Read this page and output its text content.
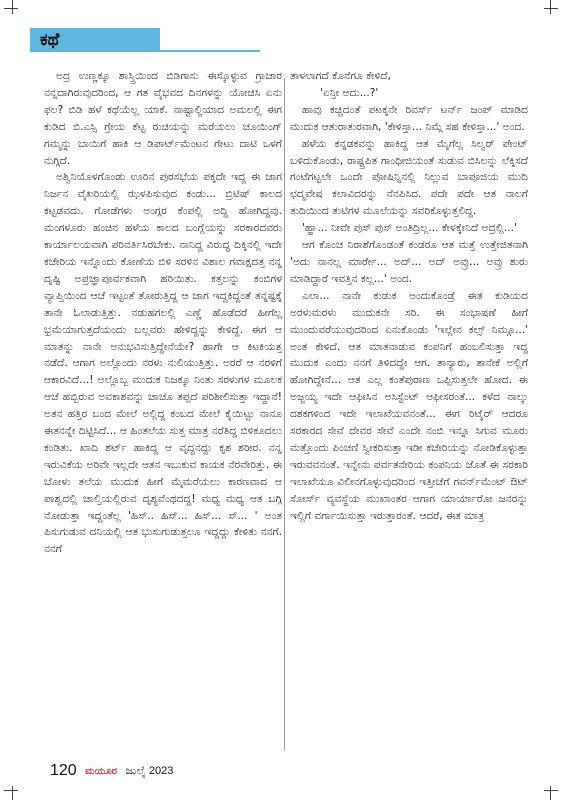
ಕಥೆ

ಅದ್ರ ಉಣ್ಣಕ್ಕೂ ಶಾಸ್ತ್ರಿಯಿಂದ ಬಿಡಿಗಾಸು ಈಸ್ಕೊಳ್ಳುವ ಗ್ರಾಚಾರ ನನ್ನದಾಗಿರುವುದರಿಂದ, ಆ ಗತ ವೈಭವದ ದಿನಗಳನ್ನು ಯೋಚಿಸಿ ಏನು ಫಲ? ಬಿಡಿ ಹಳೆ ಕಥೆಯೆಲ್ಲ ಯಾಕೆ. ನಾಷ್ಟಾಲ್ಜಿಯಾದ ಅಮಲಲ್ಲಿ ಈಗ ಕುಡಿದ ಬಿ.ಎಸ್ಸಿ ಗ್ರೇಯ ಕೆಟ್ಟ ರುಚಿಯನ್ನು ಮರೆಯಲು ಚೂಯಿಂಗ್ ಗಮ್ಮನ್ನು ಬಾಯಿಗೆ ಹಾಕಿ ಆ ಡಿಪಾರ್ಟ್‌ಮೆಂಟನ ಗೇಟು ದಾಟಿ ಒಳಗೆ ನುಗ್ಗಿದೆ.

ಅಶ್ವಿನಿಯೊಳಗೊಂಡು ಊರಿನ ಪುರಸಭೆಯ ಪಕ್ಕದೇ ಇದ್ದ ಈ ಜಾಗ ನಿರ್ಜನ ವೈಖರಿಯಲ್ಲಿ ಝಳಪಿಸುವುದ ಕಂಡು... ಬ್ರಿಟಿಷ್ ಕಾಲದ ಕಟ್ಟಡವದು. ಗೋಡೆಗಳು ಅಂಗ್ಗರ ಕೆಂಪಲ್ಲಿ ಅದ್ದಿ ಹೋಗಿದ್ದವು. ಮಂಗಳೂರು ಹಂಚಿನ ಹಳೆಯ ಕಾಲದ ಬಂಗ್ಲೆಯನ್ನು ಸರಕಾರದವರು ಕಾರ್ಯಾಲಯವಾಗಿ ಪರಿವರ್ತಿಸಿರಬೇಕು. ನಾನಿದ್ದ ವಿರುದ್ಧ ದಿಕ್ಕಿನಲ್ಲಿ ಇದೇ ಕಚೇರಿಯ ಇನ್ನೊಂದು ಕೋಣೆಯ ಬಿಳಿ ಸರಳಿನ ವಿಶಾಲ ಗವಾಕ್ಷದತ್ತ ನನ್ನ ದೃಷ್ಟಿ ಅಪ್ರಜ್ಞಾಪೂರ್ವಕವಾಗಿ ಹರಿಯಿತು. ಕತ್ತಲನ್ನು ಕಂಬಿಗಳ ವ್ಯಾಪ್ತಿಯಿಂದ ಆಚೆ ಇಟ್ಟಂತೆ ತೋರುತ್ತಿದ್ದ ಆ ಜಾಗ ಇದ್ದಕಿದ್ದಂತೆ ತನ್ನಷ್ಟಕ್ಕೆ ತಾನೇ ಓಲಾಡುತ್ತಿತ್ತು. ನಡುಹಗಲಲ್ಲಿ ಎಣ್ಣೆ ಹೊಡೆದರೆ ಹೀಗೆಲ್ಲ ಭ್ರಮೆಯಾಗುತ್ತದೆಯಂದು ಬಲ್ಲವರು ಹೇಳಿದ್ದನ್ನು ಕೇಳಿದ್ದೆ. ಈಗ ಆ ಮಾತನ್ನು ನಾನೇ ಅನುಭವಿಸುತ್ತಿದ್ದೇನೆಯೇ? ಹಾಗೇ ಆ ಕಿಟಕಿಯತ್ತ ನಡೆದೆ. ಆಗಾಗ ಅಲ್ಲೊಂದು ನರಳು ನುಲಿಯುತ್ತಿತ್ತು. ಅರರೆ ಆ ನರಳಿಗೆ ಆಕಾರವಿದೆ...! ಅಲ್ಲೊಬ್ಬ ಮುದುಕ ನಿಜಕ್ಕೂ ನಿಂತು ಸರಳುಗಳ ಮೂಲಕ ಆಚೆ ಹಬ್ಬಿರುವ ಅವಕಾಶವನ್ನು ಚಾಚೂ ತಪ್ಪದೆ ಪರಿಶೀಲಿಸುತ್ತಾ ಇದ್ದಾನೆ! ಅತನ ಹತ್ತಿರ ಬಂದ ಮೇಲೆ ಅಲ್ಲಿದ್ದ ಕಂಬದ ಮೇಲೆ ಕೈಯಿಟ್ಟು ನಾನೂ ಈತನನ್ನೇ ದಿಟ್ಟಿಸಿದೆ... ಆ ಹಿಂತಲೆಯ ಸುತ್ತ ಮಾತ್ರ ನರೆತಿದ್ದ ಬಿಳಿಕೂದಲು ಕಂಡಿತು. ಖಾದಿ ಶರ್ಟ್ ಹಾಕಿದ್ದ ಆ ವೃದ್ಧನದ್ದು ಕೃಶ ಶರೀರ. ನನ್ನ ಇರುವಿಕೆಯ ಅರಿವೇ ಇಲ್ಲದೇ ಆತನ ಇಬುಕುವ ಕಾಯಕ ನೆರವೇರಿತ್ತು. ಈ ಬೋಳು ತಲೆಯ ಮುದುಕ ಹೀಗೆ ಮೈಮರೆಯಲು ಕಾರಣವಾದ ಆ ಪಾಶ್ವದಲ್ಲಿ ಚಾಲ್ತಿಯಲ್ಲಿರುವ ದೃಶ್ಯವೆಂಥದದ್ದ! ಮಧ್ಯ ಮಧ್ಯ ಆತ ಬಗ್ಗಿ ನೋಡುತ್ತಾ ಇದ್ದಂತೆಲ್ಲ 'ಹಿಸ್.. ಹಿಸ್... ಹಿಸ್... ಸ್... ' ಅಂತ ಪಿಸುಗುಡುವ ದನಿಯಲ್ಲಿ ಆತ ಭುಸುಗುಡುತ್ತಲೂ ಇದ್ದದ್ದು ಕೇಳಿತು ನನಗೆ. ನನಗೆ

ತಾಳಲಾಗದೆ ಕೊನೆಗೂ ಕೇಳಿದೆ,

'ಏನ್ರೀ ಅದು...?'

ಹಾವು ಕಚ್ಚಿದಂತೆ ಪಟಕ್ಕನೇ ರಿವರ್ಸ್ ಟರ್ನ್ ಜಂಪ್ ಮಾಡಿದ ಮುದುಕ ಆತುರಾತುರವಾಗಿ, 'ಕೇಳಿಸ್ತಾ... ನಿಮ್ಗೆ ಸಹ ಕೇಳಿಸ್ತಾ...' ಅಂದ.

ಹಳೆಯ ಕನ್ನಡಕವನ್ನು ಹಾಕಿದ್ದ ಆತ ಮೈಗೆಲ್ಲ ಸಿಲ್ವರ್ ಪೇಂಟ್ ಬಳಿದುಕೊಂಡು, ರಾಷ್ಟ್ರಪಿತ ಗಾಂಧೀಜಿಯಂತೆ ಸುಡುವ ಬಿಸಿಲನ್ನು ಲೆಕ್ಕಿಸದೆ ಗಂಟೆಗಟ್ಟಲೇ ಒಂದೇ ಪೋಷಿನ್ನಿನಲ್ಲಿ ನಿಲ್ಲುವ ಬಾಪೂಜಿಯ ಮುದಿ ಛದ್ಮವೇಷ ಕಲಾವಿದರನ್ನು ನೆನಪಿಸಿದ. ಪದೇ ಪದೇ ಆತ ನಾಲಗೆ ತುದಿಯಿಂದ ತುಟಿಗಳ ಮೂಲೆಯನ್ನು ಸವರಿಕೊಳ್ಳುತ್ತಲಿದ್ದ.

'ಹ್ಹಾ... ನೀವೇ ಪುಸ್ ಪುಸ್ ಅಂತಿದ್ರಿಲ್ಲ... ಕೇಳಕ್ಕೇನಿದೆ ಅದ್ರಲ್ಲಿ...'

ಆಗ ಕೊಂಚ ನಿರಾಶೆಗೊಂಡಂತೆ ಕಂಡರೂ ಆತ ಮತ್ತೆ ಉತ್ತೇಜಿತನಾಗಿ 'ಅದು ನಾನಲ್ಲ ಮಾರ್ರೇ... ಅದ್... ಅದ್ ಅವ್ರು... ಅವ್ರು ಶುರು ಮಾಡಿದ್ದಾರೆ ಇವತ್ತಿನ ಕಲ್ಲ...' ಅಂದ.

ಎಲಾ... ನಾನೇ ಕುಡುಕ ಅಂದುಕೊಂಡ್ರೆ ಈತ ಕುಡಿಯದ ಅರಳುಮರಳು ಮುದುಕನೇ ಸರಿ. ಈ ಸಂಭಾಷಣೆ ಹೀಗೆ ಮುಂದುವರೆಯುವುದರಿಂದ ಏನುಕೊಂಡು 'ಇಲ್ಲೇನ ಕಲ್ಸ್ ನಿಮ್ಗೂ...' ಅಂತ ಕೇಳಿದೆ. ಆತ ಮಾತನಾಡುವ ಕಂಪನಿಗೆ ಹಂಬಲಿಸುತ್ತಾ ಇದ್ದ ಮುದುಕ ಎಂದು ನನಗೆ ತಿಳಿದದ್ದೇ ಆಗ. ತಾನ್ಯಾರು, ತಾನೇಕೆ ಅಲ್ಲಿಗೆ ಹೋಗಿದ್ದೇನೆ... ಆತ ಎಲ್ಲ ಕಂತೆಪುರಾಣ ಒಪ್ಪಿಸುತ್ತಲೇ ಹೋದ. ಈ ಅಜ್ಜಯ್ಯ ಇದೇ ಆಫೀಸಿನ ಅಸಿಸ್ಟೆಂಟ್ ಆಫೀಸರಂತೆ... ಕಳೆದ ನಾಲ್ಕು ದಶಕಗಳಿಂದ ಇದೇ ಇಲಾಖೆಯವನಂತೆ... ಈಗ ರಿಟೈರ್ ಆದರೂ ಸರಕಾರದ ಸೇವೆ ದೇವರ ಸೇವೆ ಎಂದೇ ನಂಬಿ ಇನ್ನೂ ಸಿಗುವ ಮೂರು ಮತ್ತೊಂದು ಪಿಂಚಣಿ ಸ್ವೀಕರಿಸುತ್ತಾ ಇಡೀ ಕಚೇರಿಯನ್ನು ನೋಡಿಕೊಳ್ಳುತ್ತಾ ಇರುವವನಂತೆ. ಇನ್ನೇನು ಪರ್ವತನೇರಿಯ ಕಂಪನಿಯ ಜೊತೆ ಈ ಸರಕಾರಿ ಇಲಾಖೆಯೂ ವಿಲೀನಗೊಳ್ಳುವುದರಿಂದ ಇತ್ತೀಚೆಗೆ ಗವರ್ನ್‌ಮೆಂಟ್ ಔಟ್ ಸೋರ್ಸ್ ವ್ಯವಸ್ಥೆಯ ಮುಖಾಂತರ ಆಗಾಗ ಯಾರ್ಯಾರೋ ಜನರನ್ನು ಇಲ್ಲಿಗೆ ವರ್ಗಾಯಿಸುತ್ತಾ ಇರುತ್ತಾರಂತೆ. ಆದರೆ, ಈತ ಮಾತ್ರ

120 ಮಯೂರ ಜುಲೈ 2023
